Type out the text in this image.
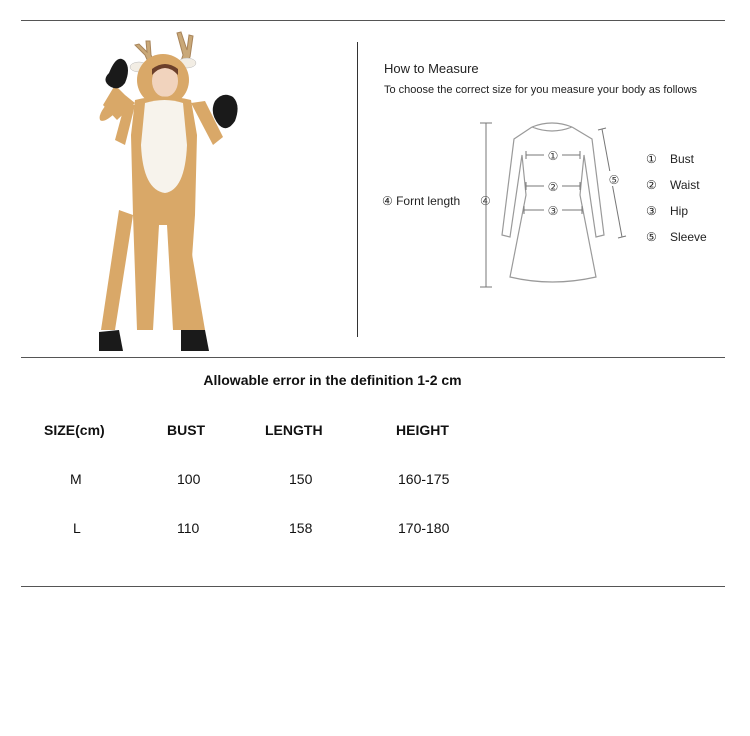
How to Measure
To choose the correct size for you measure your body as follows
④
①
②
③
⑤
④ Fornt length
① Bust
② Waist
③ Hip
⑤ Sleeve
Allowable error in the definition 1-2 cm
SIZE(cm)	BUST	LENGTH	HEIGHT
M	100	150	160-175
L	110	158	170-180
